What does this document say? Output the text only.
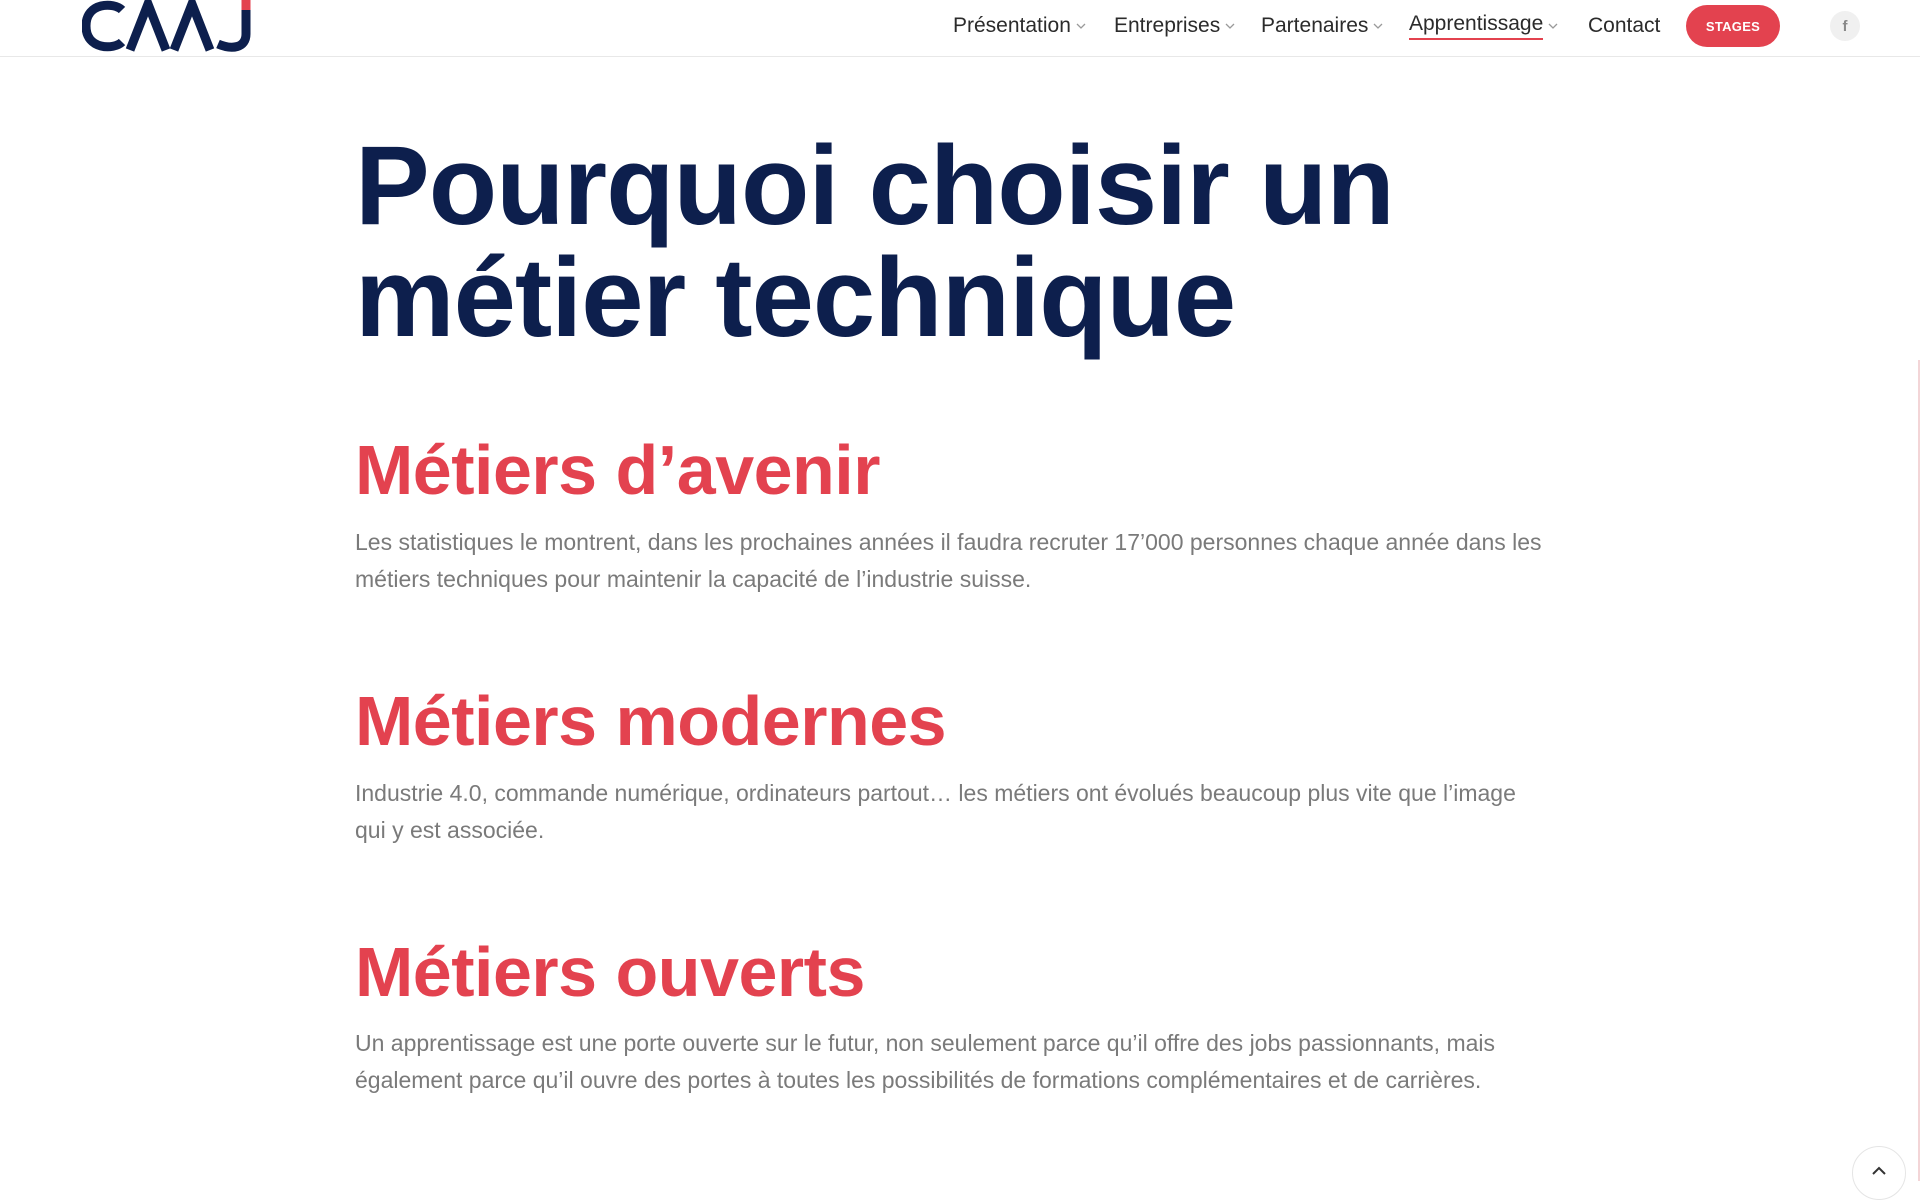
Présentation Entreprises Partenaires Apprentissage Contact	STAGES	f
Pourquoi choisir un
métier technique
Métiers d’avenir

Les statistiques le montrent, dans les prochaines années il faudra recruter 17’000 personnes chaque année dans les métiers techniques pour maintenir la capacité de l’industrie suisse.

Métiers modernes

Industrie 4.0, commande numérique, ordinateurs partout… les métiers ont évolués beaucoup plus vite que l’image qui y est associée.

Métiers ouverts

Un apprentissage est une porte ouverte sur le futur, non seulement parce qu’il offre des jobs passionnants, mais également parce qu’il ouvre des portes à toutes les possibilités de formations complémentaires et de carrières.
